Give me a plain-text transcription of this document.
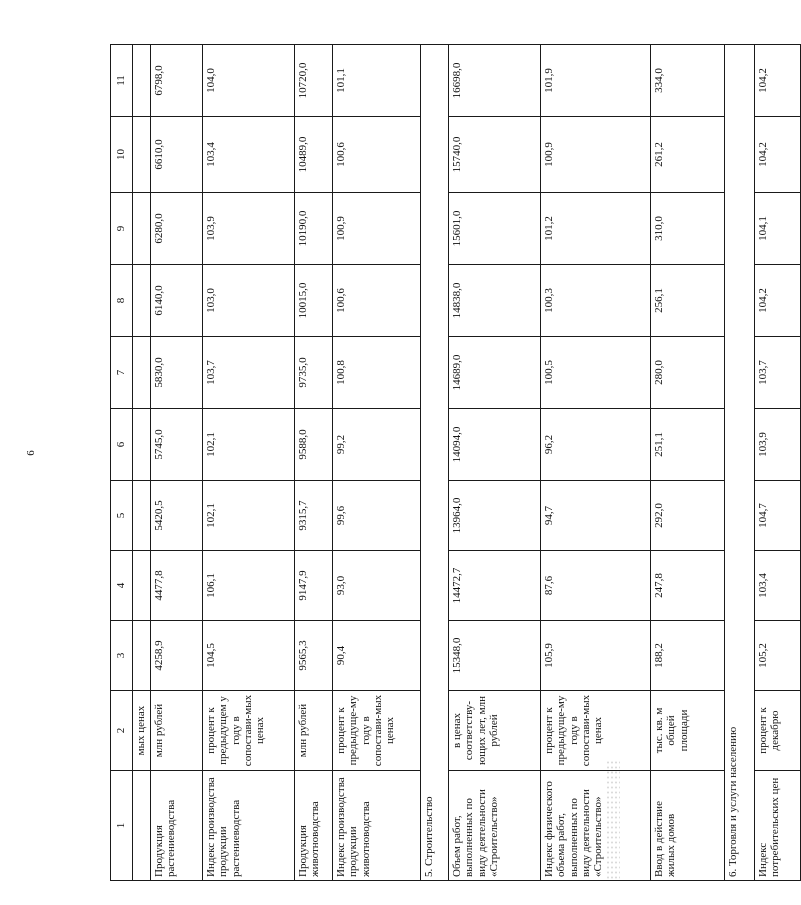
6
1	2	3	4	5	6	7	8	9	10	11
	мых ценах									
Продукция растениеводства	млн рублей	4258,9	4477,8	5420,5	5745,0	5830,0	6140,0	6280,0	6610,0	6798,0
Индекс производства продукции растениеводства	процент к предыдущем у году в сопостави-мых ценах	104,5	106,1	102,1	102,1	103,7	103,0	103,9	103,4	104,0
Продукция животноводства	млн рублей	9565,3	9147,9	9315,7	9588,0	9735,0	10015,0	10190,0	10489,0	10720,0
Индекс производства продукции животноводства	процент к предыдуще-му году в сопостави-мых ценах	90,4	93,0	99,6	99,2	100,8	100,6	100,9	100,6	101,1
5. Строительство										
Объем работ, выполненных по виду деятельности «Строительство»	в ценах соответству-ющих лет, млн рублей	15348,0	14472,7	13964,0	14094,0	14689,0	14838,0	15601,0	15740,0	16698,0
Индекс физического объема работ, выполненных по виду деятельности «Строительство»	процент к предыдуще-му году в сопостави-мых ценах	105,9	87,6	94,7	96,2	100,5	100,3	101,2	100,9	101,9
Ввод в действие жилых домов	тыс. кв. м общей площади	188,2	247,8	292,0	251,1	280,0	256,1	310,0	261,2	334,0
6. Торговля и услуги населению										
Индекс потребительских цен	процент к декабрю	105,2	103,4	104,7	103,9	103,7	104,2	104,1	104,2	104,2
